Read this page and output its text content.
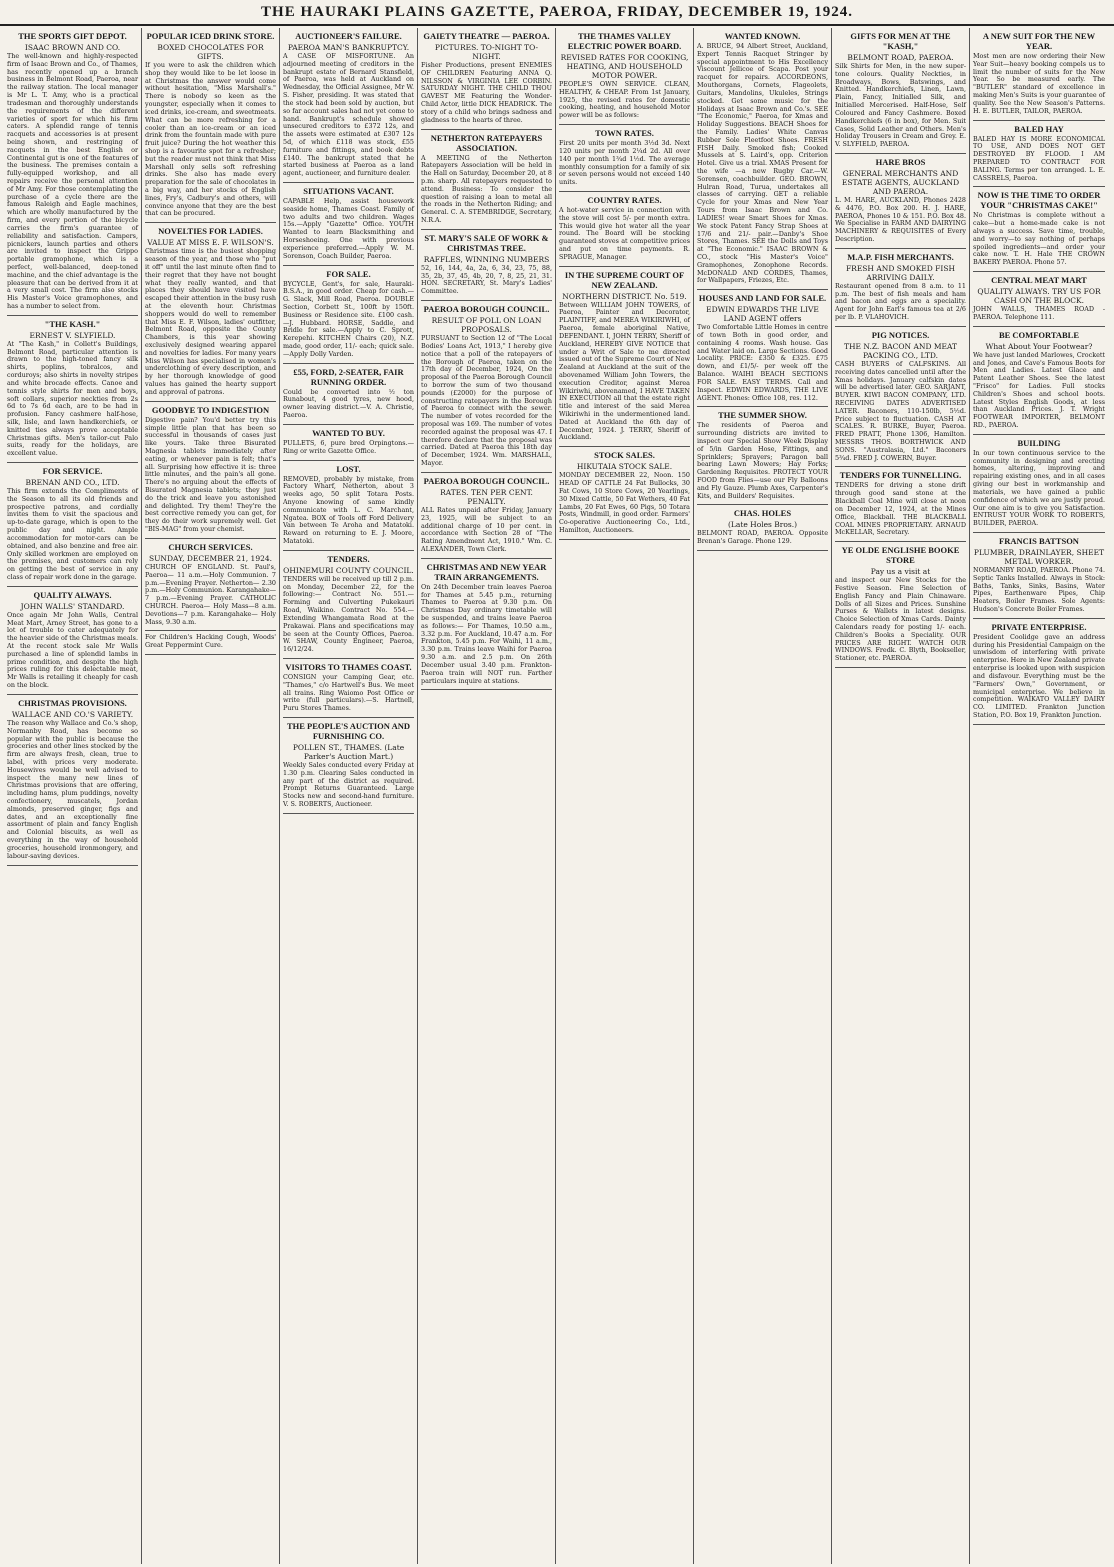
THE HAURAKI PLAINS GAZETTE, PAEROA, FRIDAY, DECEMBER 19, 1924.
THE SPORTS GIFT DEPOT.
ISAAC BROWN AND CO.

The well-known and highly-respected firm of Isaac Brown and Co., of Thames, has recently opened up a branch business in Belmont Road, Paeroa, near the railway station. The local manager is Mr L. T. Amy, who is a practical tradesman and thoroughly understands the requirements of the different varieties of sport for which his firm caters. A splendid range of tennis racquets and accessories is at present being shown, and restringing of racquets in the best English or Continental gut is one of the features of the business. The premises contain a fully-equipped workshop, and all repairs receive the personal attention of Mr Amy. For those contemplating the purchase of a cycle there are the famous Raleigh and Eagle machines, which are wholly manufactured by the firm, and every portion of the bicycle carries the firm's guarantee of reliability and satisfaction. Campers, picnickers, launch parties and others are invited to inspect the Grippo portable gramophone, which is a perfect, well-balanced, deep-toned machine, and the chief advantage is the pleasure that can be derived from it at a very small cost. The firm also stocks His Master's Voice gramophones, and has a number to select from.

"THE KASH."
ERNEST V. SLYFIELD.

At "The Kash," in Collett's Buildings, Belmont Road, particular attention is drawn to the high-toned fancy silk shirts, poplins, tobralcos, and corduroys; also shirts in novelty stripes and white brocade effects. Canoe and tennis style shirts for men and boys, soft collars, superior neckties from 2s 6d to 7s 6d each, are to be had in profusion. Fancy cashmere half-hose, silk, lisle, and lawn handkerchiefs, or knitted ties always prove acceptable Christmas gifts. Men's tailor-cut Palo suits, ready for the holidays, are excellent value.

FOR SERVICE.
BRENAN AND CO., LTD.

This firm extends the Compliments of the Season to all its old friends and prospective patrons, and cordially invites them to visit the spacious and up-to-date garage, which is open to the public day and night. Ample accommodation for motor-cars can be obtained, and also benzine and free air. Only skilled workmen are employed on the premises, and customers can rely on getting the best of service in any class of repair work done in the garage.

QUALITY ALWAYS.
JOHN WALLS' STANDARD.

Once again Mr John Walls, Central Meat Mart, Arney Street, has gone to a lot of trouble to cater adequately for the heavier side of the Christmas meals. At the recent stock sale Mr Walls purchased a line of splendid lambs in prime condition, and despite the high prices ruling for this delectable meat, Mr Walls is retailing it cheaply for cash on the block.

CHRISTMAS PROVISIONS.
WALLACE AND CO.'S VARIETY.

The reason why Wallace and Co.'s shop, Normanby Road, has become so popular with the public is because the groceries and other lines stocked by the firm are always fresh, clean, true to label, with prices very moderate. Housewives would be well advised to inspect the many new lines of Christmas provisions that are offering, including hams, plum puddings, novelty confectionery, muscatels, Jordan almonds, preserved ginger, figs and dates, and an exceptionally fine assortment of plain and fancy English and Colonial biscuits, as well as everything in the way of household groceries, household ironmongery, and labour-saving devices.

POPULAR ICED DRINK STORE.
BOXED CHOCOLATES FOR GIFTS.

If you were to ask the children which shop they would like to be let loose in at Christmas the answer would come without hesitation, "Miss Marshall's." There is nobody so keen as the youngster, especially when it comes to iced drinks, ice-cream, and sweetmeats. What can be more refreshing for a cooler than an ice-cream or an iced drink from the fountain made with pure fruit juice? During the hot weather this shop is a favourite spot for a refresher; but the reader must not think that Miss Marshall only sells soft refreshing drinks. She also has made every preparation for the sale of chocolates in a big way, and her stocks of English lines, Fry's, Cadbury's and others, will convince anyone that they are the best that can be procured.

NOVELTIES FOR LADIES.
VALUE AT MISS E. F. WILSON'S.

Christmas time is the busiest shopping season of the year, and those who "put it off" until the last minute often find to their regret that they have not bought what they really wanted, and that places they should have visited have escaped their attention in the busy rush at the eleventh hour. Christmas shoppers would do well to remember that Miss E. F. Wilson, ladies' outfitter, Belmont Road, opposite the County Chambers, is this year showing exclusively designed wearing apparel and novelties for ladies. For many years Miss Wilson has specialised in women's underclothing of every description, and by her thorough knowledge of good values has gained the hearty support and approval of patrons.

GOODBYE TO INDIGESTION

Digestive pain? You'd better try this simple little plan that has been so successful in thousands of cases just like yours. Take three Bisurated Magnesia tablets immediately after eating, or whenever pain is felt; that's all. Surprising how effective it is: three little minutes, and the pain's all gone. There's no arguing about the effects of Bisurated Magnesia tablets; they just do the trick and leave you astonished and delighted. Try them! They're the best corrective remedy you can get, for they do their work supremely well. Get "BIS-MAG" from your chemist.

CHURCH SERVICES.
SUNDAY, DECEMBER 21, 1924.

CHURCH OF ENGLAND. St. Paul's, Paeroa— 11 a.m.—Holy Communion. 7 p.m.—Evening Prayer. Netherton— 2.30 p.m.—Holy Communion. Karangahake— 7 p.m.—Evening Prayer. CATHOLIC CHURCH. Paeroa— Holy Mass—8 a.m. Devotions—7 p.m. Karangahake— Holy Mass, 9.30 a.m.

For Children's Hacking Cough, Woods' Great Peppermint Cure.

AUCTIONEER'S FAILURE.
PAEROA MAN'S BANKRUPTCY.

A CASE OF MISFORTUNE. An adjourned meeting of creditors in the bankrupt estate of Bernard Stansfield, of Paeroa, was held at Auckland on Wednesday, the Official Assignee, Mr W. S. Fisher, presiding. It was stated that the stock had been sold by auction, but so far account sales had not yet come to hand. Bankrupt's schedule showed unsecured creditors to £372 12s, and the assets were estimated at £307 12s 5d, of which £118 was stock, £55 furniture and fittings, and book debts £140. The bankrupt stated that he started business at Paeroa as a land agent, auctioneer, and furniture dealer.

SITUATIONS VACANT.

CAPABLE Help, assist housework seaside home, Thames Coast. Family of two adults and two children. Wages 15s.—Apply "Gazette" Office. YOUTH Wanted to learn Blacksmithing and Horseshoeing. One with previous experience preferred.—Apply W. M. Sorenson, Coach Builder, Paeroa.

FOR SALE.

BYCYCLE, Gent's, for sale, Hauraki-B.S.A., in good order. Cheap for cash.—G. Slack, Mill Road, Paeroa. DOUBLE Section, Corbett St., 100ft by 150ft. Business or Residence site. £100 cash.—J. Hubbard. HORSE, Saddle, and Bridle for sale.—Apply to C. Sprott, Kerepehi. KITCHEN Chairs (20), N.Z. made, good order, 11/- each; quick sale.—Apply Dolly Varden.

£55, FORD, 2-SEATER, FAIR RUNNING ORDER.

Could be converted into ½ ton Runabout, 4 good tyres, new hood, owner leaving district.—V. A. Christie, Paeroa.

WANTED TO BUY.

PULLETS, 6, pure bred Orpingtons.— Ring or write Gazette Office.

LOST.

REMOVED, probably by mistake, from Factory Wharf, Netherton, about 3 weeks ago, 50 split Totara Posts. Anyone knowing of same kindly communicate with L. C. Marchant, Ngatea. BOX of Tools off Ford Delivery Van between Te Aroha and Matatoki. Reward on returning to E. J. Moore, Matatoki.

TENDERS.
OHINEMURI COUNTY COUNCIL.

TENDERS will be received up till 2 p.m. on Monday, December 22, for the following:— Contract No. 551.—Forming and Culverting Pukekauri Road, Waikino. Contract No. 554.—Extending Whangamata Road at the Prakawai. Plans and specifications may be seen at the County Offices, Paeroa. W. SHAW, County Engineer, Paeroa, 16/12/24.

VISITORS TO THAMES COAST.

CONSIGN your Camping Gear, etc. "Thames," c/o Hartwell's Bus. We meet all trains. Ring Waiomo Post Office or write (full particulars).—S. Hartnell, Puru Stores Thames.

THE PEOPLE'S AUCTION AND FURNISHING CO.
POLLEN ST., THAMES. (Late Parker's Auction Mart.)

Weekly Sales conducted every Friday at 1.30 p.m. Clearing Sales conducted in any part of the district as required. Prompt Returns Guaranteed. Large Stocks new and second-hand furniture. V. S. ROBERTS, Auctioneer.

GAIETY THEATRE — PAEROA.
PICTURES. TO-NIGHT TO-NIGHT.

Fisher Productions, present ENEMIES OF CHILDREN Featuring ANNA Q. NILSSON & VIRGINIA LEE CORBIN. SATURDAY NIGHT. THE CHILD THOU GAVEST ME Featuring the Wonder-Child Actor, little DICK HEADRICK. The story of a child who brings sadness and gladness to the hearts of three.

NETHERTON RATEPAYERS ASSOCIATION.

A MEETING of the Netherton Ratepayers Association will be held in the Hall on Saturday, December 20, at 8 p.m. sharp. All ratepayers requested to attend. Business: To consider the question of raising a loan to metal all the roads in the Netherton Riding; and General. C. A. STEMBRIDGE, Secretary, N.R.A.

ST. MARY'S SALE OF WORK & CHRISTMAS TREE.
RAFFLES, WINNING NUMBERS

52, 16, 144, 4a, 2a, 6, 34, 23, 75, 88, 35, 2b, 37, 45, 4b, 20, 7, 8, 25, 21, 31. HON. SECRETARY, St. Mary's Ladies' Committee.

PAEROA BOROUGH COUNCIL.
RESULT OF POLL ON LOAN PROPOSALS.

PURSUANT to Section 12 of "The Local Bodies' Loans Act, 1913," I hereby give notice that a poll of the ratepayers of the Borough of Paeroa, taken on the 17th day of December, 1924, On the proposal of the Paeroa Borough Council to borrow the sum of two thousand pounds (£2000) for the purpose of constructing ratepayers in the Borough of Paeroa to connect with the sewer. The number of votes recorded for the proposal was 169. The number of votes recorded against the proposal was 47. I therefore declare that the proposal was carried. Dated at Paeroa this 18th day of December, 1924. Wm. MARSHALL, Mayor.

PAEROA BOROUGH COUNCIL.
RATES. TEN PER CENT. PENALTY.

ALL Rates unpaid after Friday, January 23, 1925, will be subject to an additional charge of 10 per cent. in accordance with Section 28 of "The Rating Amendment Act, 1910." Wm. C. ALEXANDER, Town Clerk.

CHRISTMAS AND NEW YEAR TRAIN ARRANGEMENTS.

On 24th December train leaves Paeroa for Thames at 5.45 p.m., returning Thames to Paeroa at 9.30 p.m. On Christmas Day ordinary timetable will be suspended, and trains leave Paeroa as follows:— For Thames, 10.50 a.m., 3.32 p.m. For Auckland, 10.47 a.m. For Frankton, 5.45 p.m. For Waihi, 11 a.m., 3.30 p.m. Trains leave Waihi for Paeroa 9.30 a.m. and 2.5 p.m. On 26th December usual 3.40 p.m. Frankton-Paeroa train will NOT run. Farther particulars inquire at stations.

THE THAMES VALLEY ELECTRIC POWER BOARD.
REVISED RATES FOR COOKING, HEATING, AND HOUSEHOLD MOTOR POWER.

PEOPLE'S OWN SERVICE. CLEAN, HEALTHY, & CHEAP. From 1st January, 1925, the revised rates for domestic cooking, heating, and household Motor power will be as follows:

TOWN RATES.

First 20 units per month 3½d 3d. Next 120 units per month 2¼d 2d. All over 140 per month 1¾d 1½d. The average monthly consumption for a family of six or seven persons would not exceed 140 units.

COUNTRY RATES.

A hot-water service in connection with the stove will cost 5/- per month extra. This would give hot water all the year round. The Board will be stocking guaranteed stoves at competitive prices and put on time payments. R. SPRAGUE, Manager.

IN THE SUPREME COURT OF NEW ZEALAND.
NORTHERN DISTRICT. No. 519.

Between WILLIAM JOHN TOWERS, of Paeroa, Painter and Decorator, PLAINTIFF, and MEREA WIKIRIWHI, of Paeroa, female aboriginal Native, DEFENDANT. I, JOHN TERRY, Sheriff of Auckland, HEREBY GIVE NOTICE that under a Writ of Sale to me directed issued out of the Supreme Court of New Zealand at Auckland at the suit of the abovenamed William John Towers, the execution Creditor, against Merea Wikiriwhi, abovenamed, I HAVE TAKEN IN EXECUTION all that the estate right title and interest of the said Merea Wikiriwhi in the undermentioned land. Dated at Auckland the 6th day of December, 1924. J. TERRY, Sheriff of Auckland.

STOCK SALES.
HIKUTAIA STOCK SALE.

MONDAY DECEMBER 22, Noon. 150 HEAD OF CATTLE 24 Fat Bullocks, 30 Fat Cows, 10 Store Cows, 20 Yearlings, 30 Mixed Cattle, 50 Fat Wethers, 40 Fat Lambs, 20 Fat Ewes, 60 Pigs, 50 Totara Posts, Windmill, in good order. Farmers' Co-operative Auctioneering Co., Ltd., Hamilton, Auctioneers.

WANTED KNOWN.

A. BRUCE, 94 Albert Street, Auckland, Expert Tennis Racquet Stringer by special appointment to His Excellency Viscount Jellicoe of Scapa. Post your racquet for repairs. ACCORDEONS, Mouthorgans, Cornets, Flageolets, Guitars, Mandolins, Ukuleles, Strings stocked. Get some music for the Holidays at Isaac Brown and Co.'s. SEE "The Economic," Paeroa, for Xmas and Holiday Suggestions. BEACH Shoes for the Family. Ladies' White Canvas Rubber Sole Fleetfoot Shoes. FRESH FISH Daily. Smoked fish; Cooked Mussels at S. Laird's, opp. Criterion Hotel. Give us a trial. XMAS Present for the wife —a new Rugby Car.—W. Sorensen, coachbuilder. GEO. BROWN, Hulran Road, Turua, undertakes all classes of carrying. GET a reliable Cycle for your Xmas and New Year Tours from Isaac Brown and Co. LADIES! wear Smart Shoes for Xmas. We stock Patent Fancy Strap Shoes at 17/6 and 21/- pair.—Danby's Shoe Stores, Thames. SEE the Dolls and Toys at "The Economic." ISAAC BROWN & CO., stock "His Master's Voice" Gramophones, Zonophone Records. McDONALD AND CORDES, Thames, for Wallpapers, Friezes, Etc.

HOUSES AND LAND FOR SALE.
EDWIN EDWARDS THE LIVE LAND AGENT offers

Two Comfortable Little Homes in centre of town Both in good order, and containing 4 rooms. Wash house. Gas and Water laid on. Large Sections. Good Locality. PRICE: £350 & £325. £75 down, and £1/5/- per week off the Balance. WAIHI BEACH SECTIONS FOR SALE. EASY TERMS. Call and Inspect. EDWIN EDWARDS, THE LIVE AGENT. Phones: Office 108, res. 112.

THE SUMMER SHOW.

The residents of Paeroa and surrounding districts are invited to inspect our Special Show Week Display of 5/in Garden Hose, Fittings, and Sprinklers; Sprayers; Paragon ball bearing Lawn Mowers; Hay Forks; Gardening Requisites. PROTECT YOUR FOOD from Flies—use our Fly Balloons and Fly Gauze. Plumb Axes, Carpenter's Kits, and Builders' Requisites.

CHAS. HOLES
(Late Holes Bros.)

BELMONT ROAD, PAEROA. Opposite Brenan's Garage. Phone 129.

GIFTS FOR MEN AT THE "KASH,"
BELMONT ROAD, PAEROA.

Silk Shirts for Men, in the new super-tone colours. Quality Neckties, in Broadways, Bows, Batswings, and Knitted. Handkerchiefs, Linen, Lawn, Plain, Fancy, Initialled Silk, and Initialled Mercerised. Half-Hose, Self Coloured and Fancy Cashmere. Boxed Handkerchiefs (6 in box), for Men. Suit Cases, Solid Leather and Others. Men's Holiday Trousers in Cream and Grey. E. V. SLYFIELD, PAEROA.

HARE BROS
GENERAL MERCHANTS AND ESTATE AGENTS, AUCKLAND AND PAEROA.

L. M. HARE, AUCKLAND, Phones 2428 & 4476, P.O. Box 200. H. J. HARE, PAEROA, Phones 10 & 151. P.O. Box 48. We Specialise in FARM AND DAIRYING MACHINERY & REQUISITES of Every Description.

M.A.P. FISH MERCHANTS.
FRESH AND SMOKED FISH ARRIVING DAILY.

Restaurant opened from 8 a.m. to 11 p.m. The best of fish meals and ham and bacon and eggs are a speciality. Agent for John Earl's famous tea at 2/6 per lb. P. VLAHOVICH.

PIG NOTICES.
THE N.Z. BACON AND MEAT PACKING CO., LTD.

CASH BUYERS of CALFSKINS. All receiving dates cancelled until after the Xmas holidays. January calfskin dates will be advertised later. GEO. SARJANT, BUYER. KIWI BACON COMPANY, LTD. RECEIVING DATES ADVERTISED LATER. Baconers, 110-150lb, 5½d. Price subject to fluctuation. CASH AT SCALES. R. BURKE, Buyer, Paeroa. FRED PRATT, Phone 1306, Hamilton. MESSRS THOS. BORTHWICK AND SONS. "Australasia, Ltd." Baconers 5¾d. FRED J. COWERN, Buyer.

TENDERS FOR TUNNELLING.

TENDERS for driving a stone drift through good sand stone at the Blackball Coal Mine will close at noon on December 12, 1924, at the Mines Office, Blackball. THE BLACKBALL COAL MINES PROPRIETARY. ARNAUD McKELLAR, Secretary.

YE OLDE ENGLISHE BOOKE STORE
Pay us a visit at

and inspect our New Stocks for the Festive Season. Fine Selection of English Fancy and Plain Chinaware. Dolls of all Sizes and Prices. Sunshine Purses & Wallets in latest designs. Choice Selection of Xmas Cards. Dainty Calendars ready for posting 1/- each. Children's Books a Speciality. OUR PRICES ARE RIGHT. WATCH OUR WINDOWS. Fredk. C. Blyth, Bookseller, Stationer, etc. PAEROA.

A NEW SUIT FOR THE NEW YEAR.

Most men are now ordering their New Year Suit—heavy booking compels us to limit the number of suits for the New Year. So be measured early. The "BUTLER" standard of excellence in making Men's Suits is your guarantee of quality. See the New Season's Patterns. H. E. BUTLER, TAILOR, PAEROA.

BALED HAY

BALED HAY IS MORE ECONOMICAL TO USE, AND DOES NOT GET DESTROYED BY FLOOD. I AM PREPARED TO CONTRACT FOR BALING. Terms per ton arranged. L. E. CASSRELS, Paeroa.

NOW IS THE TIME TO ORDER YOUR "CHRISTMAS CAKE!"

No Christmas is complete without a cake—but a home-made cake is not always a success. Save time, trouble, and worry—to say nothing of perhaps spoiled ingredients—and order your cake now. T. H. Hale THE CROWN BAKERY PAEROA. Phone 57.

CENTRAL MEAT MART
QUALITY ALWAYS. TRY US FOR CASH ON THE BLOCK.

JOHN WALLS, THAMES ROAD - PAEROA. Telephone 111.

BE COMFORTABLE
What About Your Footwear?

We have just landed Marlowes, Crockett and Jones, and Cave's Famous Boots for Men and Ladies. Latest Glace and Patent Leather Shoes. See the latest "Frisco" for Ladies. Full stocks Children's Shoes and school boots. Latest Styles English Goods, at less than Auckland Prices. J. T. Wright FOOTWEAR IMPORTER, BELMONT RD., PAEROA.

BUILDING

In our town continuous service to the community in designing and erecting homes, altering, improving and repairing existing ones, and in all cases giving our best in workmanship and materials, we have gained a public confidence of which we are justly proud. Our one aim is to give you Satisfaction. ENTRUST YOUR WORK TO ROBERTS, BUILDER, PAEROA.

FRANCIS BATTSON
PLUMBER, DRAINLAYER, SHEET METAL WORKER.

NORMANBY ROAD, PAEROA. Phone 74. Septic Tanks Installed. Always in Stock: Baths, Tanks, Sinks, Basins, Water Pipes, Earthenware Pipes, Chip Heaters, Boiler Frames. Sole Agents: Hudson's Concrete Boiler Frames.

PRIVATE ENTERPRISE.

President Coolidge gave an address during his Presidential Campaign on the unwisdom of interfering with private enterprise. Here in New Zealand private enterprise is looked upon with suspicion and disfavour. Everything must be the "Farmers' Own," Government, or municipal enterprise. We believe in competition. WAIKATO VALLEY DAIRY CO. LIMITED. Frankton Junction Station, P.O. Box 19, Frankton Junction.
